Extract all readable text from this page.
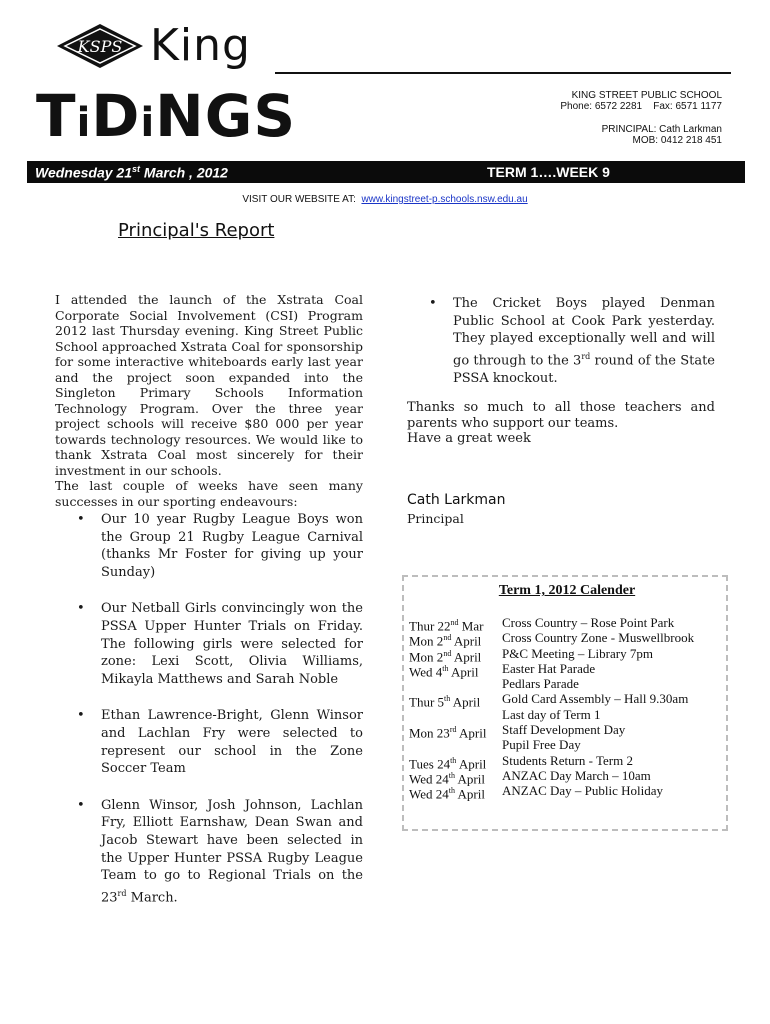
KSPS King
TiDiNGS	KING STREET PUBLIC SCHOOL
Phone: 6572 2281    Fax: 6571 1177
PRINCIPAL: Cath Larkman
MOB: 0412 218 451
Wednesday 21st March , 2012	TERM 1….WEEK 9
VISIT OUR WEBSITE AT: www.kingstreet-p.schools.nsw.edu.au
Principal's Report
I attended the launch of the Xstrata Coal Corporate Social Involvement (CSI) Program 2012 last Thursday evening. King Street Public School approached Xstrata Coal for sponsorship for some interactive whiteboards early last year and the project soon expanded into the Singleton Primary Schools Information Technology Program. Over the three year project schools will receive $80 000 per year towards technology resources. We would like to thank Xstrata Coal most sincerely for their investment in our schools.
The last couple of weeks have seen many successes in our sporting endeavours:
• Our 10 year Rugby League Boys won the Group 21 Rugby League Carnival (thanks Mr Foster for giving up your Sunday)
• Our Netball Girls convincingly won the PSSA Upper Hunter Trials on Friday. The following girls were selected for zone: Lexi Scott, Olivia Williams, Mikayla Matthews and Sarah Noble
• Ethan Lawrence-Bright, Glenn Winsor and Lachlan Fry were selected to represent our school in the Zone Soccer Team
• Glenn Winsor, Josh Johnson, Lachlan Fry, Elliott Earnshaw, Dean Swan and Jacob Stewart have been selected in the Upper Hunter PSSA Rugby League Team to go to Regional Trials on the 23rd March.
• The Cricket Boys played Denman Public School at Cook Park yesterday. They played exceptionally well and will go through to the 3rd round of the State PSSA knockout.
Thanks so much to all those teachers and parents who support our teams.
Have a great week
Cath Larkman
Principal
Term 1, 2012 Calender
Thur 22nd Mar Cross Country – Rose Point Park
Mon 2nd April Cross Country Zone - Muswellbrook
Mon 2nd April P&C Meeting – Library 7pm
Wed 4th April Easter Hat Parade
Pedlars Parade
Thur 5th April Gold Card Assembly – Hall 9.30am
Last day of Term 1
Mon 23rd April Staff Development Day
Pupil Free Day
Tues 24th April Students Return - Term 2
Wed 24th April ANZAC Day March – 10am
Wed 24th April ANZAC Day – Public Holiday
